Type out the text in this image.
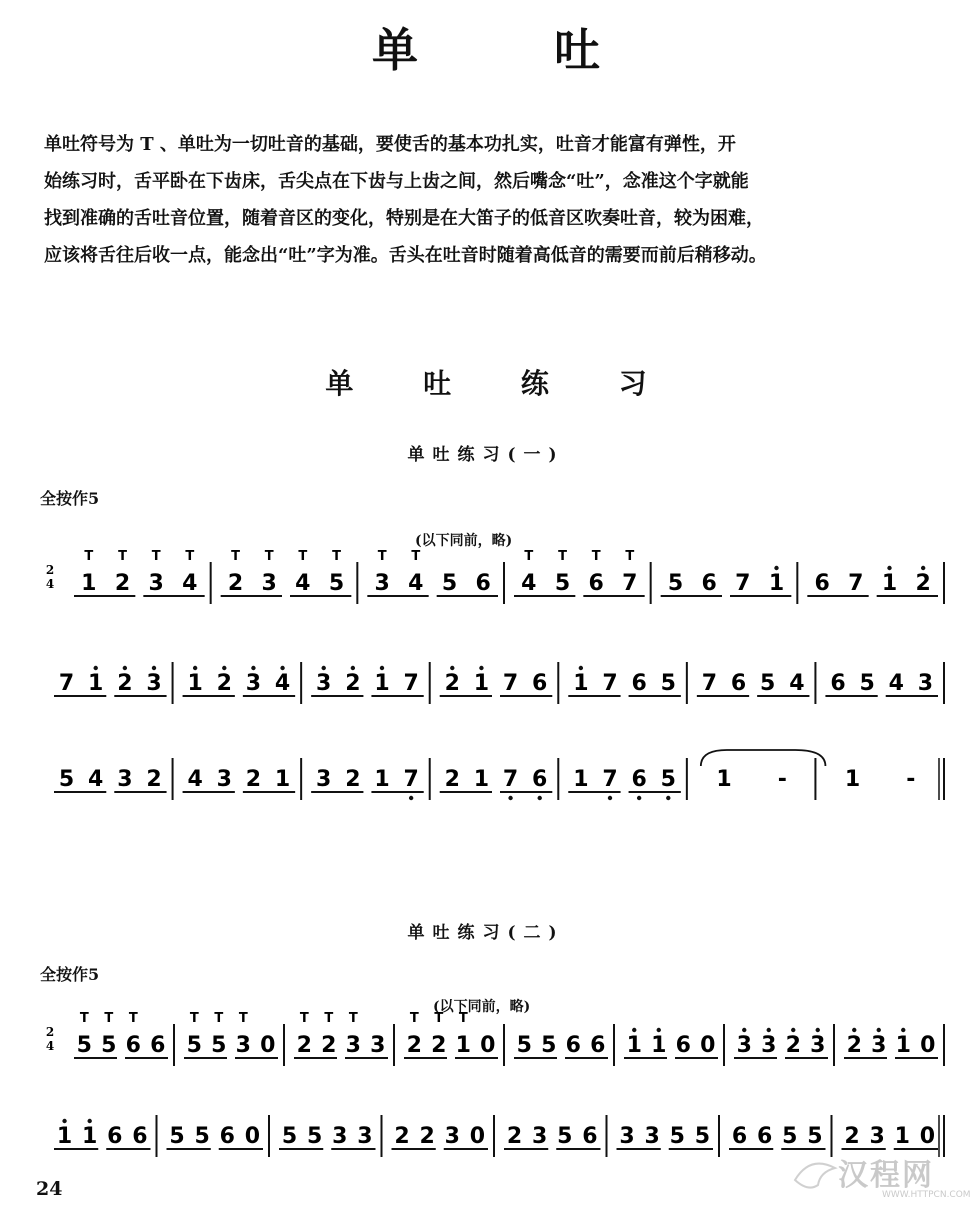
单 吐

单吐符号为 T 、单吐为一切吐音的基础，要使舌的基本功扎实，吐音才能富有弹性，开

始练习时，舌平卧在下齿床，舌尖点在下齿与上齿之间，然后嘴念“吐”，念准这个字就能

找到准确的舌吐音位置，随着音区的变化，特别是在大笛子的低音区吹奏吐音，较为困难，

应该将舌往后收一点，能念出“吐”字为准。舌头在吐音时随着高低音的需要而前后稍移动。

单 吐 练 习
单吐练习(一)
全按作5
(以下同前，略)
单吐练习(二)
全按作5
(以下同前，略)
2
4 1
T
2
T
3
T
4
T
2
T
3
T
4
T
5
T
3
T
4
T
5 6 4
T
5
T
6
T
7
T
5 6 7 1 6 7 1 2
7 1 2 3 1 2 3 4 3 2 1 7 2 1 7 6 1 7 6 5 7 6 5 4 6 5 4 3
5 4 3 2 4 3 2 1 3 2 1 7 2 1 7 6 1 7 6 5 1 -	1 -
2
4 5
T
5
T
6
T
6 5
T
5
T
3
T
0 2
T
2
T
3
T
3 2
T
2
T
1
T
0 5 5 6 6 1 1 6 0 3 3 2 3 2 3 1 0
1 1 6 6 5 5 6 0 5 5 3 3 2 2 3 0 2 3 5 6 3 3 5 5 6 6 5 5 2 3 1 0
24	汉程网
WWW.HTTPCN.COM
